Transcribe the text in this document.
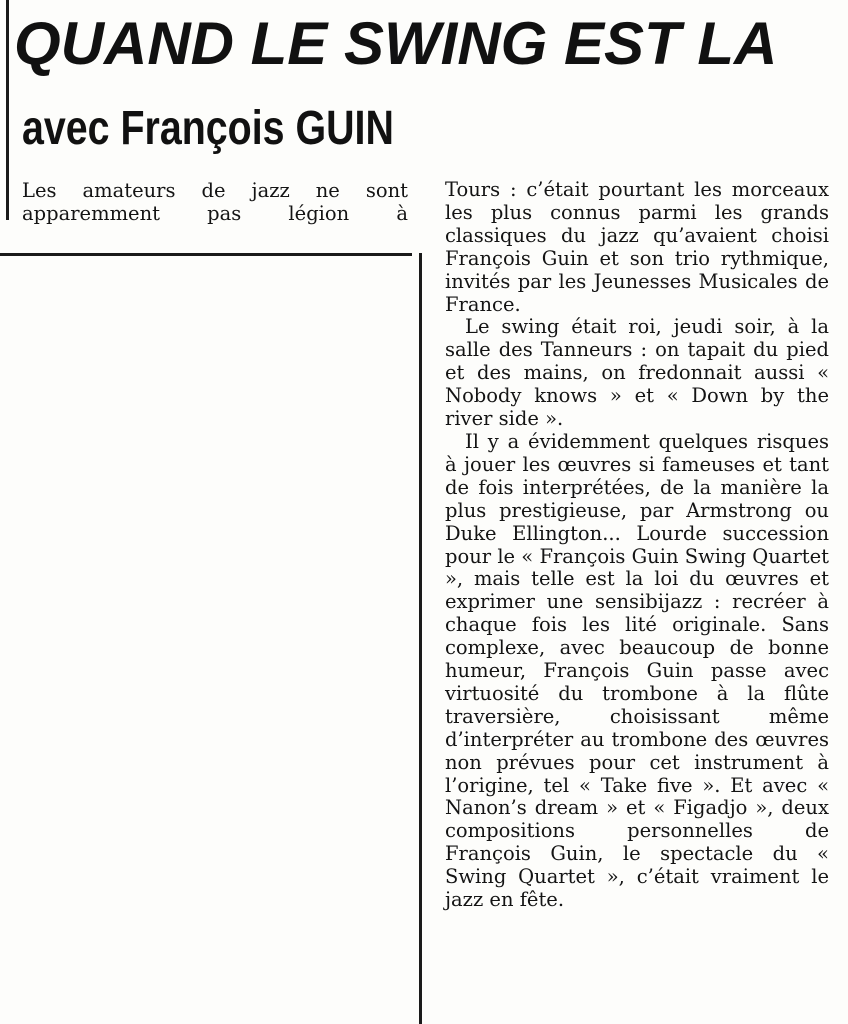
QUAND LE SWING EST LA
avec François GUIN

Les amateurs de jazz ne sont apparemment pas légion à

Tours : c’était pourtant les morceaux les plus connus parmi les grands classiques du jazz qu’avaient choisi François Guin et son trio rythmique, invités par les Jeunesses Musicales de France.

Le swing était roi, jeudi soir, à la salle des Tanneurs : on tapait du pied et des mains, on fredonnait aussi « Nobody knows » et « Down by the river side ».

Il y a évidemment quelques risques à jouer les œuvres si fameuses et tant de fois interprétées, de la manière la plus prestigieuse, par Armstrong ou Duke Ellington... Lourde succession pour le « François Guin Swing Quartet », mais telle est la loi du œuvres et exprimer une sensibijazz : recréer à chaque fois les lité originale. Sans complexe, avec beaucoup de bonne humeur, François Guin passe avec virtuosité du trombone à la flûte traversière, choisissant même d’interpréter au trombone des œuvres non prévues pour cet instrument à l’origine, tel « Take five ». Et avec « Nanon’s dream » et « Figadjo », deux compositions personnelles de François Guin, le spectacle du « Swing Quartet », c’était vraiment le jazz en fête.
